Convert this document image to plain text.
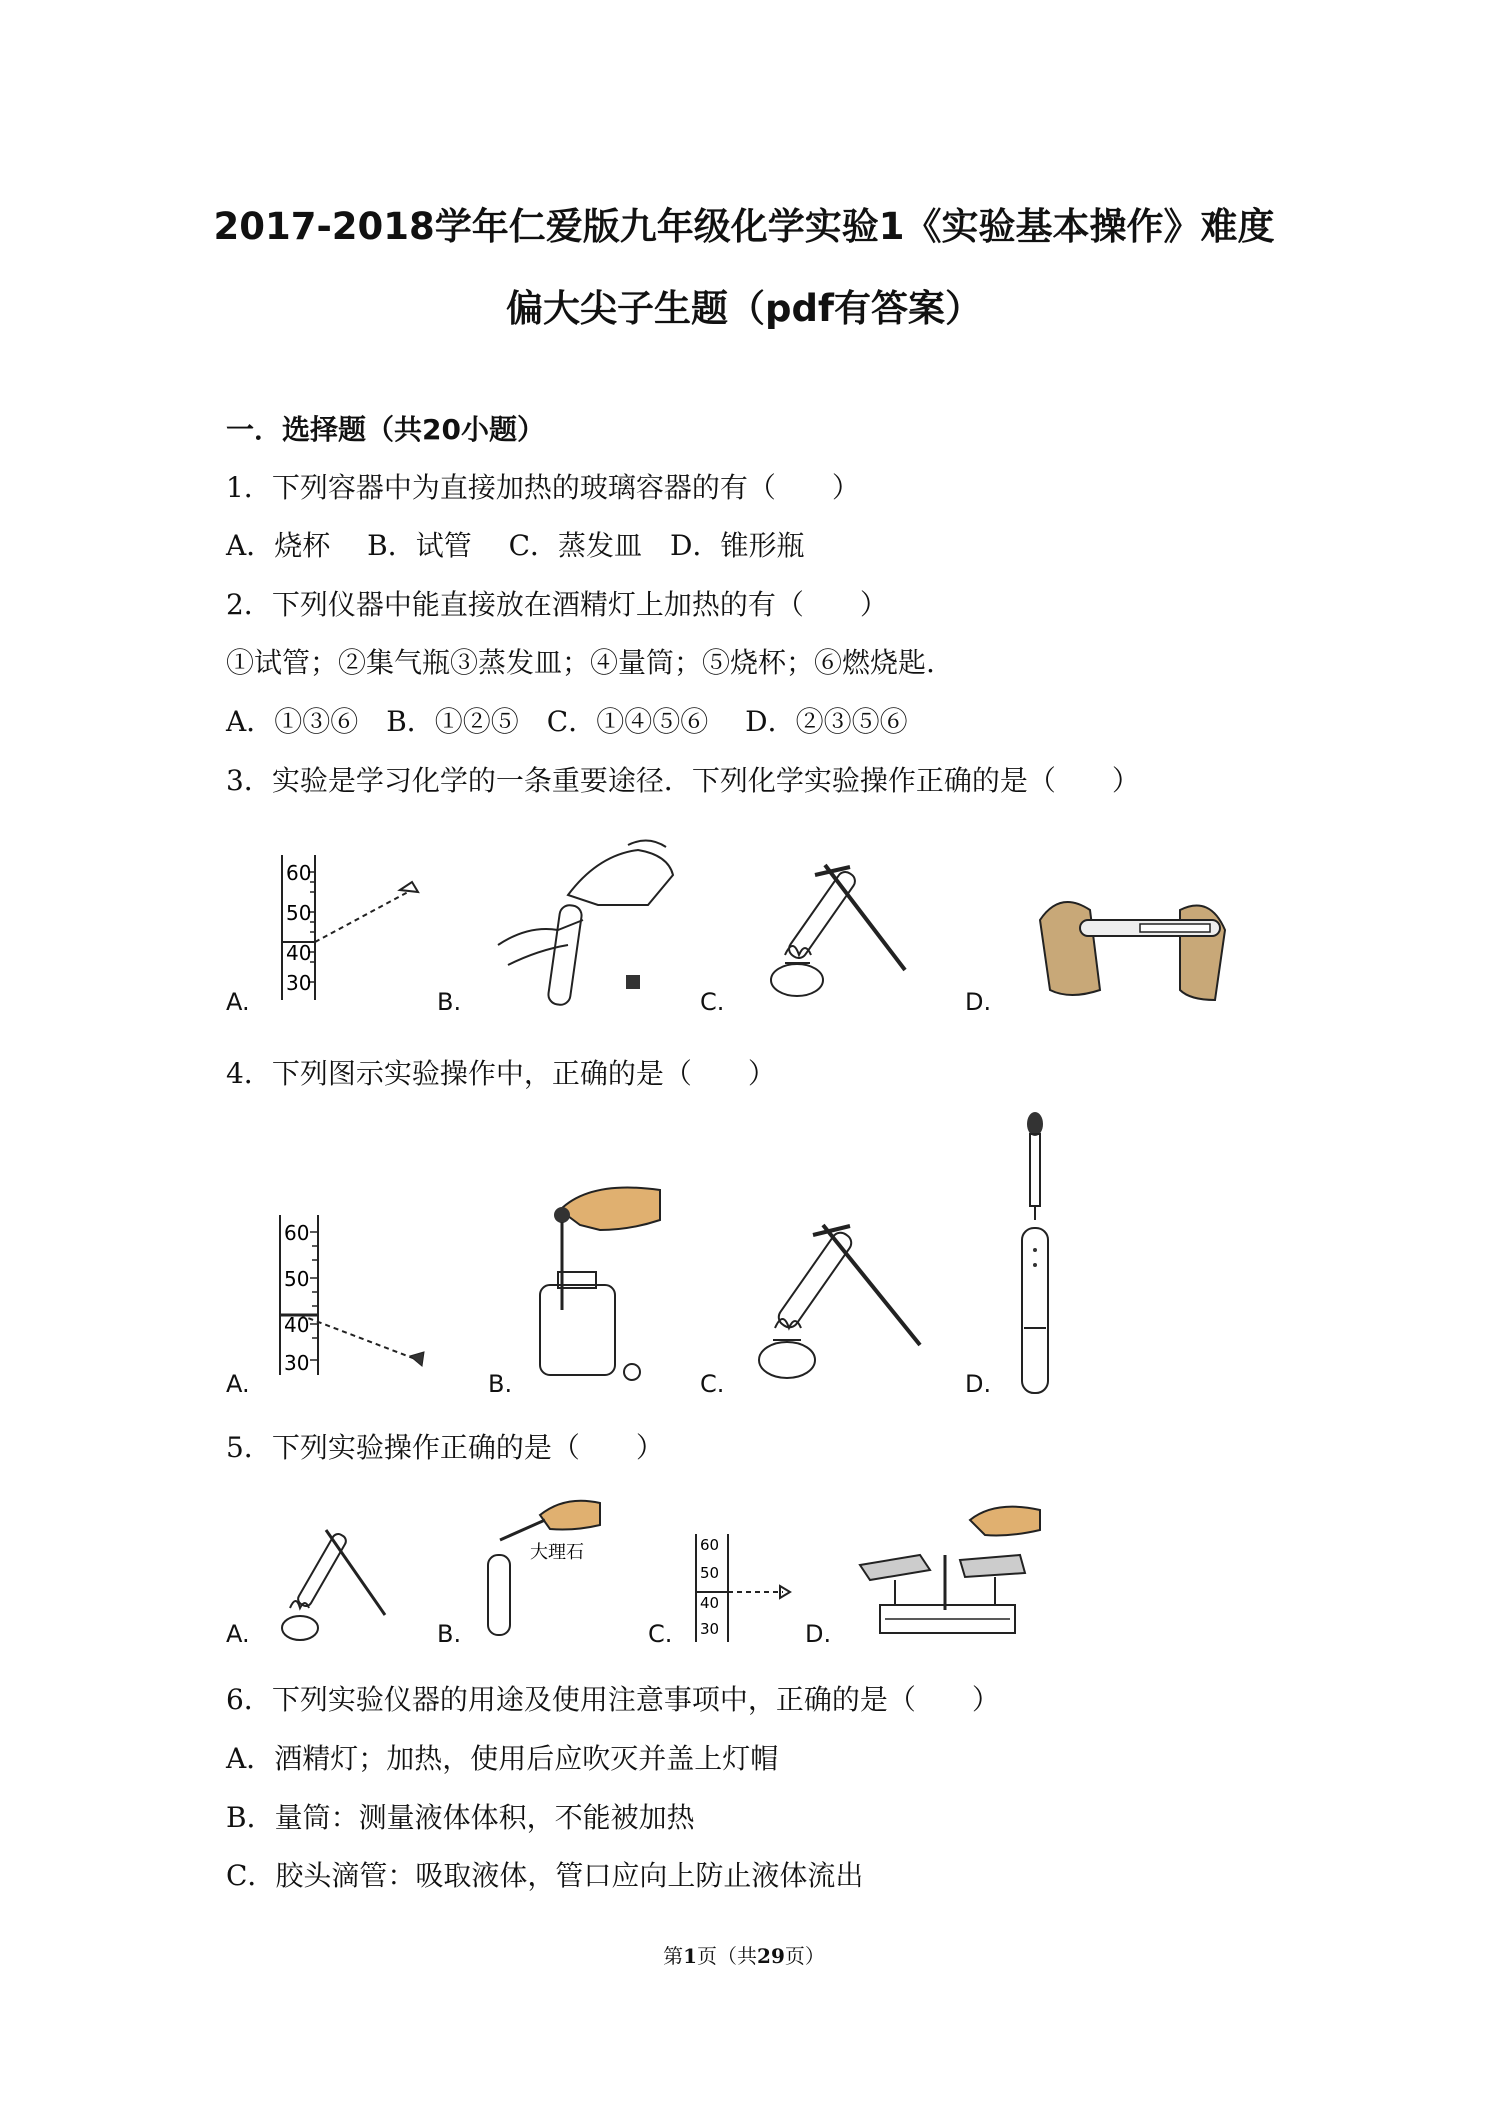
2017-2018学年仁爱版九年级化学实验1《实验基本操作》难度
偏大尖子生题（pdf有答案）
一．选择题（共20小题）
1．下列容器中为直接加热的玻璃容器的有（　　）
A．烧杯　 B．试管　 C．蒸发皿　D．锥形瓶
2．下列仪器中能直接放在酒精灯上加热的有（　　）
①试管；②集气瓶③蒸发皿；④量筒；⑤烧杯；⑥燃烧匙.
A．①③⑥　B．①②⑤　C．①④⑤⑥　 D．②③⑤⑥
3．实验是学习化学的一条重要途径．下列化学实验操作正确的是（　　）
60
50
40
30
A.	B.	C.	D.
4．下列图示实验操作中，正确的是（　　）
60
50
40
30
A.	B.	C.	D.
5．下列实验操作正确的是（　　）
A.
大理石
B.
60
50
40
30
C.	D.
6．下列实验仪器的用途及使用注意事项中，正确的是（　　）
A．酒精灯；加热，使用后应吹灭并盖上灯帽
B．量筒：测量液体体积，不能被加热
C．胶头滴管：吸取液体，管口应向上防止液体流出
第1页（共29页）
